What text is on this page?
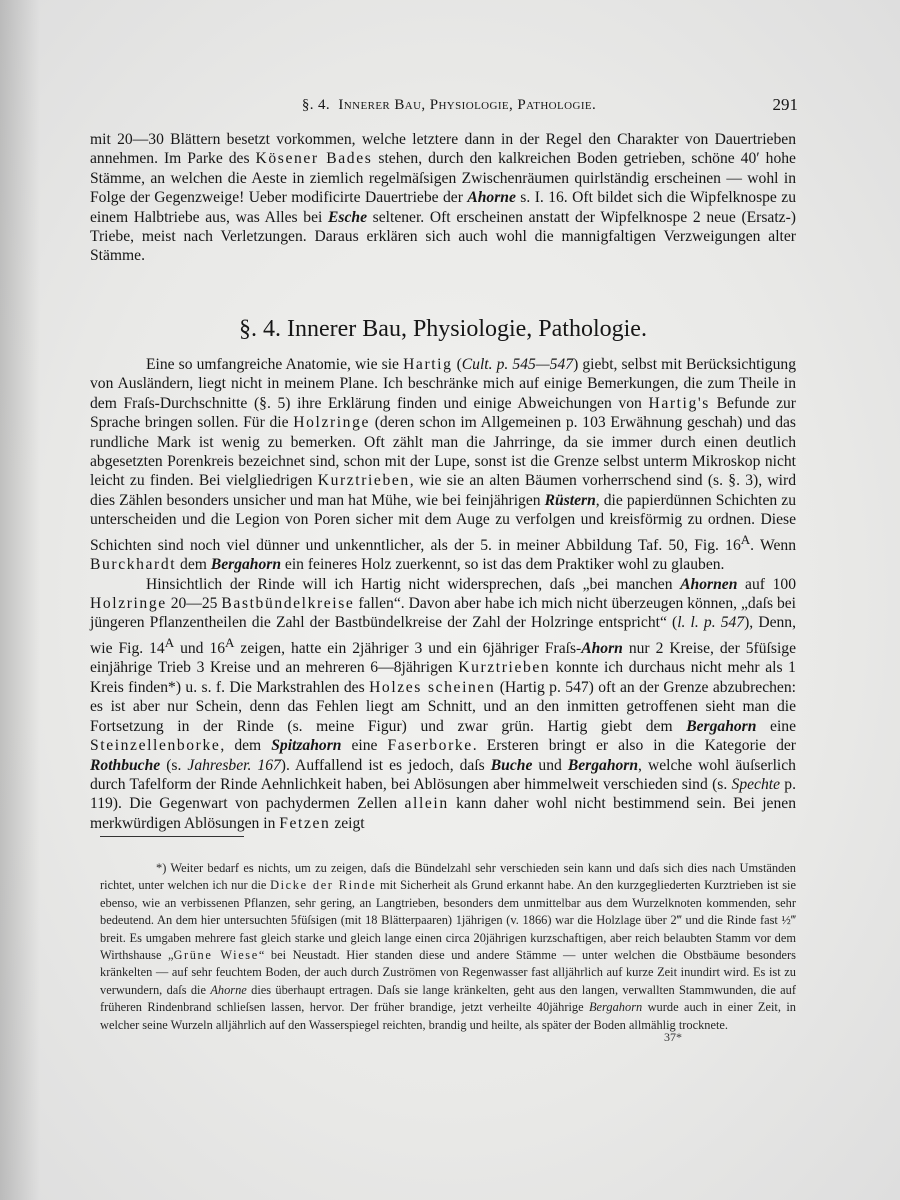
§. 4. Innerer Bau, Physiologie, Pathologie.	291

mit 20—30 Blättern besetzt vorkommen, welche letztere dann in der Regel den Charakter von Dauertrieben annehmen. Im Parke des Kösener Bades stehen, durch den kalkreichen Boden getrieben, schöne 40′ hohe Stämme, an welchen die Aeste in ziemlich regelmäſsigen Zwischenräumen quirlständig erscheinen — wohl in Folge der Gegenzweige! Ueber modificirte Dauertriebe der Ahorne s. I. 16. Oft bildet sich die Wipfelknospe zu einem Halbtriebe aus, was Alles bei Esche seltener. Oft erscheinen anstatt der Wipfelknospe 2 neue (Ersatz-) Triebe, meist nach Verletzungen. Daraus erklären sich auch wohl die mannigfaltigen Verzweigungen alter Stämme.

§. 4. Innerer Bau, Physiologie, Pathologie.

Eine so umfangreiche Anatomie, wie sie Hartig (Cult. p. 545—547) giebt, selbst mit Berücksichtigung von Ausländern, liegt nicht in meinem Plane. Ich beschränke mich auf einige Bemerkungen, die zum Theile in dem Fraſs-Durchschnitte (§. 5) ihre Erklärung finden und einige Abweichungen von Hartig's Befunde zur Sprache bringen sollen. Für die Holzringe (deren schon im Allgemeinen p. 103 Erwähnung geschah) und das rundliche Mark ist wenig zu bemerken. Oft zählt man die Jahrringe, da sie immer durch einen deutlich abgesetzten Porenkreis bezeichnet sind, schon mit der Lupe, sonst ist die Grenze selbst unterm Mikroskop nicht leicht zu finden. Bei vielgliedrigen Kurztrieben, wie sie an alten Bäumen vorherrschend sind (s. §. 3), wird dies Zählen besonders unsicher und man hat Mühe, wie bei feinjährigen Rüstern, die papierdünnen Schichten zu unterscheiden und die Legion von Poren sicher mit dem Auge zu verfolgen und kreisförmig zu ordnen. Diese Schichten sind noch viel dünner und unkenntlicher, als der 5. in meiner Abbildung Taf. 50, Fig. $16^A$. Wenn Burckhardt dem Bergahorn ein feineres Holz zuerkennt, so ist das dem Praktiker wohl zu glauben.

Hinsichtlich der Rinde will ich Hartig nicht widersprechen, daſs „bei manchen Ahornen auf 100 Holzringe 20—25 Bastbündelkreise fallen“. Davon aber habe ich mich nicht überzeugen können, „daſs bei jüngeren Pflanzentheilen die Zahl der Bastbündelkreise der Zahl der Holzringe entspricht“ (l. l. p. 547), Denn, wie Fig. $14^A$ und $16^A$ zeigen, hatte ein 2jähriger 3 und ein 6jähriger Fraſs-Ahorn nur 2 Kreise, der 5füſsige einjährige Trieb 3 Kreise und an mehreren 6—8jährigen Kurztrieben konnte ich durchaus nicht mehr als 1 Kreis finden*) u. s. f. Die Markstrahlen des Holzes scheinen (Hartig p. 547) oft an der Grenze abzubrechen: es ist aber nur Schein, denn das Fehlen liegt am Schnitt, und an den inmitten getroffenen sieht man die Fortsetzung in der Rinde (s. meine Figur) und zwar grün. Hartig giebt dem Bergahorn eine Steinzellenborke, dem Spitzahorn eine Faserborke. Ersteren bringt er also in die Kategorie der Rothbuche (s. Jahresber. 167). Auffallend ist es jedoch, daſs Buche und Bergahorn, welche wohl äuſserlich durch Tafelform der Rinde Aehnlichkeit haben, bei Ablösungen aber himmelweit verschieden sind (s. Spechte p. 119). Die Gegenwart von pachydermen Zellen allein kann daher wohl nicht bestimmend sein. Bei jenen merkwürdigen Ablösungen in Fetzen zeigt

*) Weiter bedarf es nichts, um zu zeigen, daſs die Bündelzahl sehr verschieden sein kann und daſs sich dies nach Umständen richtet, unter welchen ich nur die Dicke der Rinde mit Sicherheit als Grund erkannt habe. An den kurzgegliederten Kurztrieben ist sie ebenso, wie an verbissenen Pflanzen, sehr gering, an Langtrieben, besonders dem unmittelbar aus dem Wurzelknoten kommenden, sehr bedeutend. An dem hier untersuchten 5füſsigen (mit 18 Blätterpaaren) 1jährigen (v. 1866) war die Holzlage über 2‴ und die Rinde fast ½‴ breit. Es umgaben mehrere fast gleich starke und gleich lange einen circa 20jährigen kurzschaftigen, aber reich belaubten Stamm vor dem Wirthshause „Grüne Wiese“ bei Neustadt. Hier standen diese und andere Stämme — unter welchen die Obstbäume besonders kränkelten — auf sehr feuchtem Boden, der auch durch Zuströmen von Regenwasser fast alljährlich auf kurze Zeit inundirt wird. Es ist zu verwundern, daſs die Ahorne dies überhaupt ertragen. Daſs sie lange kränkelten, geht aus den langen, verwallten Stammwunden, die auf früheren Rindenbrand schlieſsen lassen, hervor. Der früher brandige, jetzt verheilte 40jährige Bergahorn wurde auch in einer Zeit, in welcher seine Wurzeln alljährlich auf den Wasserspiegel reichten, brandig und heilte, als später der Boden allmählig trocknete.
37*
